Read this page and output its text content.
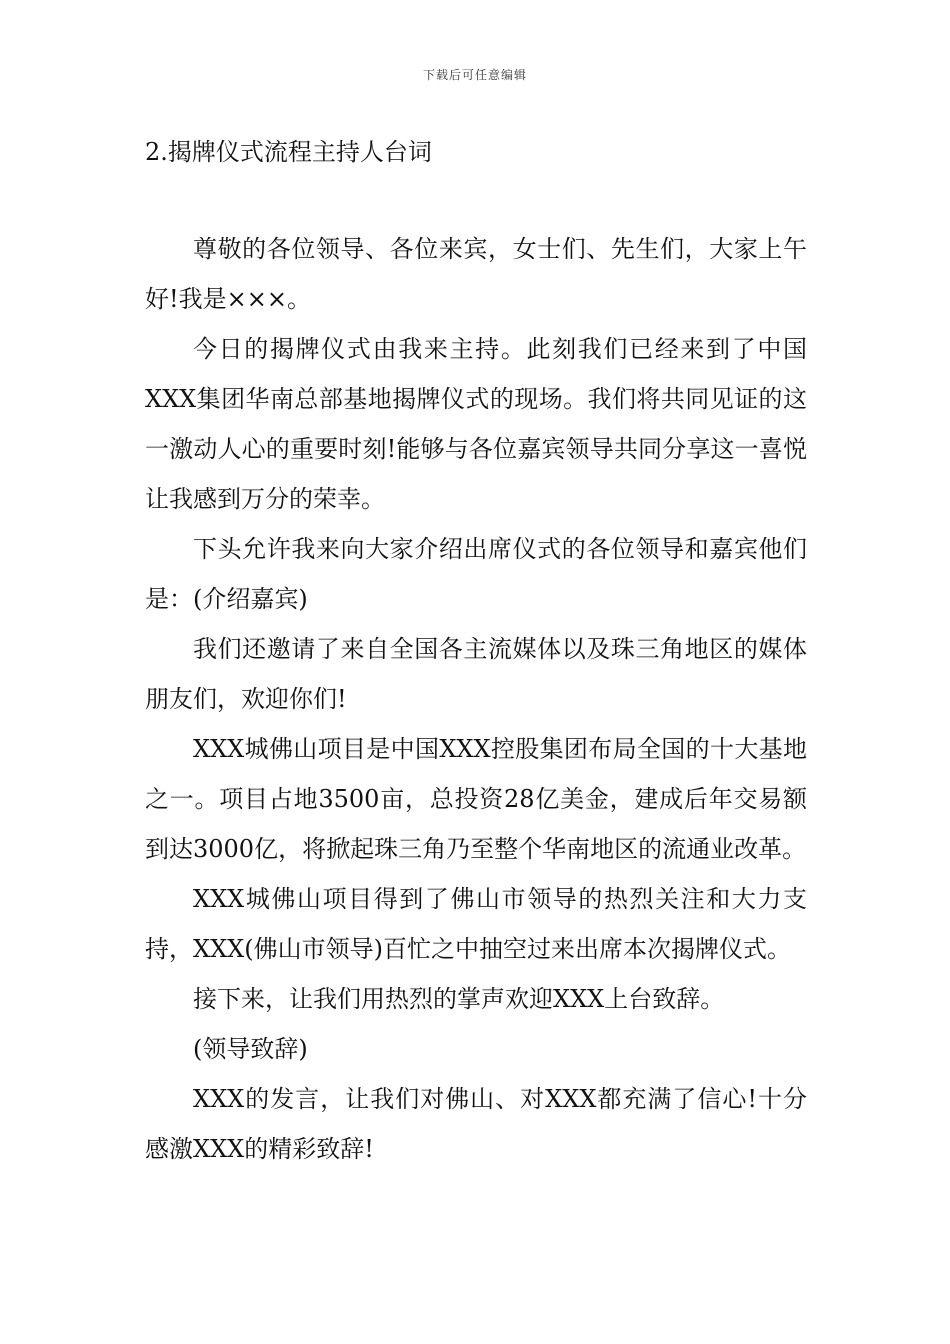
下载后可任意编辑
2.揭牌仪式流程主持人台词

尊敬的各位领导、各位来宾，女士们、先生们，大家上午好!我是×××。

今日的揭牌仪式由我来主持。此刻我们已经来到了中国XXX集团华南总部基地揭牌仪式的现场。我们将共同见证的这一激动人心的重要时刻!能够与各位嘉宾领导共同分享这一喜悦让我感到万分的荣幸。

下头允许我来向大家介绍出席仪式的各位领导和嘉宾他们是：(介绍嘉宾)

我们还邀请了来自全国各主流媒体以及珠三角地区的媒体朋友们，欢迎你们!

XXX城佛山项目是中国XXX控股集团布局全国的十大基地之一。项目占地3500亩，总投资28亿美金，建成后年交易额到达3000亿，将掀起珠三角乃至整个华南地区的流通业改革。

XXX城佛山项目得到了佛山市领导的热烈关注和大力支持，XXX(佛山市领导)百忙之中抽空过来出席本次揭牌仪式。

接下来，让我们用热烈的掌声欢迎XXX上台致辞。

(领导致辞)

XXX的发言，让我们对佛山、对XXX都充满了信心!十分感激XXX的精彩致辞!
